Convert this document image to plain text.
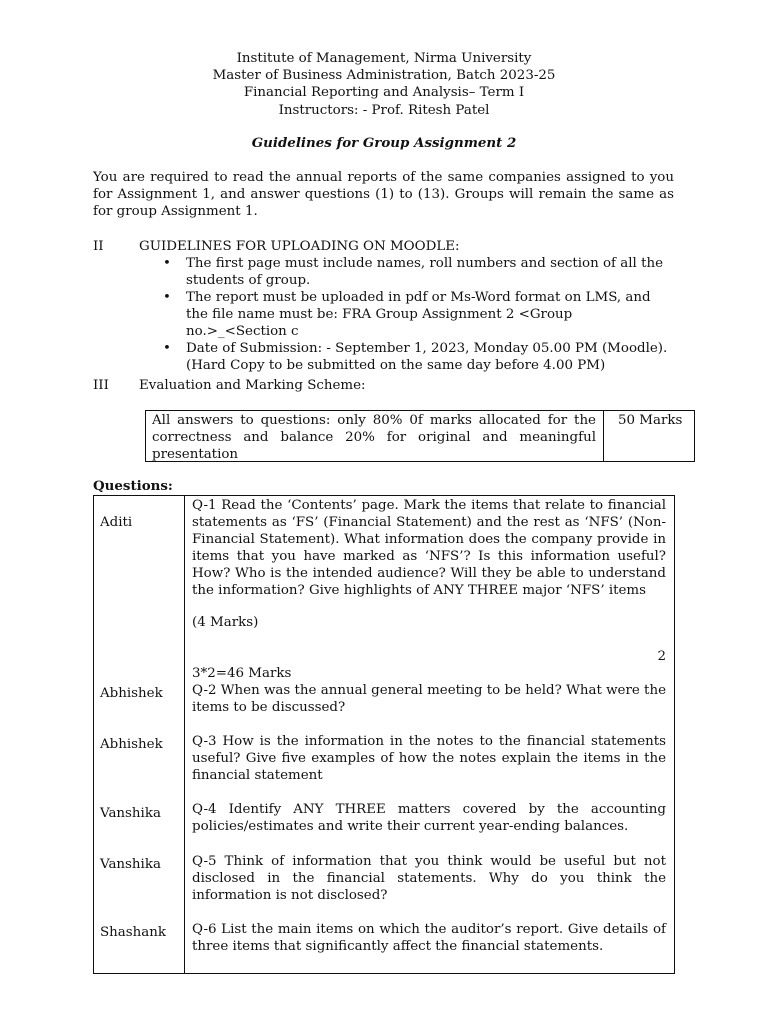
Institute of Management, Nirma University
Master of Business Administration, Batch 2023-25
Financial Reporting and Analysis– Term I
Instructors: - Prof. Ritesh Patel
Guidelines for Group Assignment 2
You are required to read the annual reports of the same companies assigned to you for Assignment 1, and answer questions (1) to (13). Groups will remain the same as for group Assignment 1.
II	GUIDELINES FOR UPLOADING ON MOODLE:
• The first page must include names, roll numbers and section of all the students of group.
• The report must be uploaded in pdf or Ms-Word format on LMS, and the file name must be: FRA Group Assignment 2 <Group no.>_<Section c
• Date of Submission: - September 1, 2023, Monday 05.00 PM (Moodle). (Hard Copy to be submitted on the same day before 4.00 PM)
III Evaluation and Marking Scheme:
All answers to questions: only 80% 0f marks allocated for the correctness and balance 20% for original and meaningful presentation
50 Marks
Questions:
Aditi
Q-1 Read the ‘Contents’ page. Mark the items that relate to financial statements as ‘FS’ (Financial Statement) and the rest as ‘NFS’ (Non-Financial Statement). What information does the company provide in items that you have marked as ‘NFS’? Is this information useful? How? Who is the intended audience? Will they be able to understand the information? Give highlights of ANY THREE major ‘NFS’ items
(4 Marks)
2
3*2=46 Marks
Abhishek Q-2 When was the annual general meeting to be held? What were the items to be discussed?
Abhishek Q-3 How is the information in the notes to the financial statements useful? Give five examples of how the notes explain the items in the financial statement
Vanshika Q-4 Identify ANY THREE matters covered by the accounting policies/estimates and write their current year-ending balances.
Vanshika Q-5 Think of information that you think would be useful but not disclosed in the financial statements. Why do you think the information is not disclosed?
Shashank Q-6 List the main items on which the auditor’s report. Give details of three items that significantly affect the financial statements.
